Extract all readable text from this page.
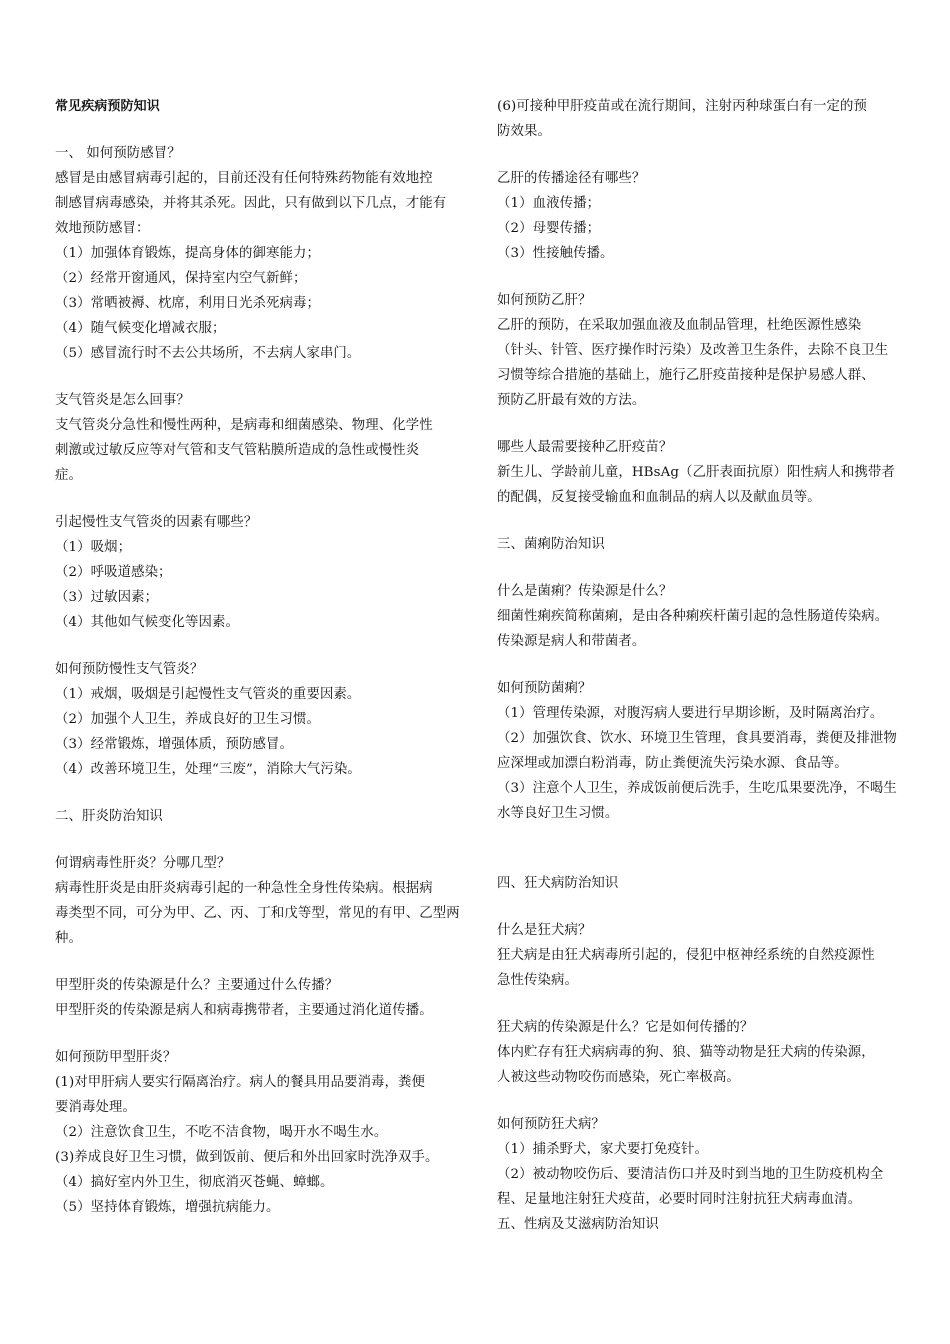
常见疾病预防知识
一、 如何预防感冒？
感冒是由感冒病毒引起的，目前还没有任何特殊药物能有效地控
制感冒病毒感染，并将其杀死。因此，只有做到以下几点，才能有
效地预防感冒：
（1）加强体育锻炼，提高身体的御寒能力；
（2）经常开窗通风，保持室内空气新鲜；
（3）常晒被褥、枕席，利用日光杀死病毒；
（4）随气候变化增减衣服；
（5）感冒流行时不去公共场所，不去病人家串门。
支气管炎是怎么回事？
支气管炎分急性和慢性两种，是病毒和细菌感染、物理、化学性
刺激或过敏反应等对气管和支气管粘膜所造成的急性或慢性炎
症。
引起慢性支气管炎的因素有哪些？
（1）吸烟；
（2）呼吸道感染；
（3）过敏因素；
（4）其他如气候变化等因素。
如何预防慢性支气管炎？
（1）戒烟，吸烟是引起慢性支气管炎的重要因素。
（2）加强个人卫生，养成良好的卫生习惯。
（3）经常锻炼，增强体质，预防感冒。
（4）改善环境卫生，处理“三废”，消除大气污染。
二、肝炎防治知识
何谓病毒性肝炎？分哪几型？
病毒性肝炎是由肝炎病毒引起的一种急性全身性传染病。根据病
毒类型不同，可分为甲、乙、丙、丁和戊等型，常见的有甲、乙型两
种。
甲型肝炎的传染源是什么？主要通过什么传播？
甲型肝炎的传染源是病人和病毒携带者，主要通过消化道传播。
如何预防甲型肝炎？
(1)对甲肝病人要实行隔离治疗。病人的餐具用品要消毒，粪便
要消毒处理。
（2）注意饮食卫生，不吃不洁食物，喝开水不喝生水。
(3)养成良好卫生习惯，做到饭前、便后和外出回家时洗净双手。
（4）搞好室内外卫生，彻底消灭苍蝇、蟑螂。
（5）坚持体育锻炼，增强抗病能力。
(6)可接种甲肝疫苗或在流行期间，注射丙种球蛋白有一定的预
防效果。
乙肝的传播途径有哪些？
（1）血液传播；
（2）母婴传播；
（3）性接触传播。
如何预防乙肝？
乙肝的预防，在采取加强血液及血制品管理，杜绝医源性感染
（针头、针管、医疗操作时污染）及改善卫生条件，去除不良卫生
习惯等综合措施的基础上，施行乙肝疫苗接种是保护易感人群、
预防乙肝最有效的方法。
哪些人最需要接种乙肝疫苗？
新生儿、学龄前儿童，HBsAg（乙肝表面抗原）阳性病人和携带者
的配偶，反复接受输血和血制品的病人以及献血员等。
三、菌痢防治知识
什么是菌痢？传染源是什么？
细菌性痢疾简称菌痢，是由各种痢疾杆菌引起的急性肠道传染病。
传染源是病人和带菌者。
如何预防菌痢？
（1）管理传染源，对腹泻病人要进行早期诊断，及时隔离治疗。
（2）加强饮食、饮水、环境卫生管理，食具要消毒，粪便及排泄物
应深埋或加漂白粉消毒，防止粪便流失污染水源、食品等。
（3）注意个人卫生，养成饭前便后洗手，生吃瓜果要洗净，不喝生
水等良好卫生习惯。
四、狂犬病防治知识
什么是狂犬病？
狂犬病是由狂犬病毒所引起的，侵犯中枢神经系统的自然疫源性
急性传染病。
狂犬病的传染源是什么？它是如何传播的？
体内贮存有狂犬病病毒的狗、狼、猫等动物是狂犬病的传染源，
人被这些动物咬伤而感染，死亡率极高。
如何预防狂犬病？
（1）捕杀野犬，家犬要打免疫针。
（2）被动物咬伤后、要清洁伤口并及时到当地的卫生防疫机构全
程、足量地注射狂犬疫苗，必要时同时注射抗狂犬病毒血清。
五、性病及艾滋病防治知识
